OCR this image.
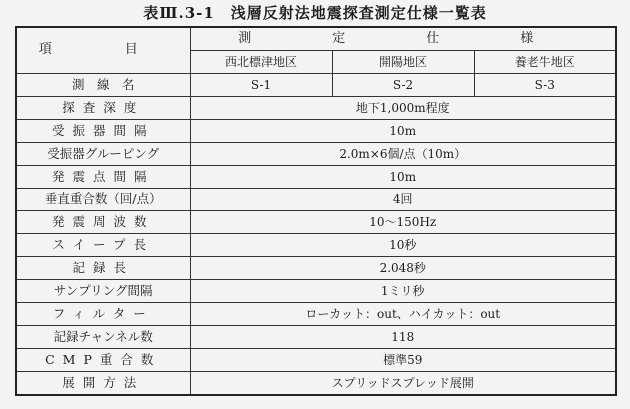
表Ⅲ.3-1　浅層反射法地震探査測定仕様一覧表
項　目	測　定　仕　様		
	西北標津地区	開陽地区	養老牛地区
測　線　名	S-1	S-2	S-3
探査深度	地下1,000m程度		
受振器間隔	10m		
受振器グルーピング	2.0m×6個/点（10m）		
発震点間隔	10m		
垂直重合数（回/点）	4回		
発震周波数	10～150Hz		
スイープ長	10秒		
記録長	2.048秒		
サンプリング間隔	1ミリ秒		
フィルター	ローカット：out、ハイカット：out		
記録チャンネル数	118		
CMP重合数	標準59		
展開方法	スプリッドスプレッド展開		
